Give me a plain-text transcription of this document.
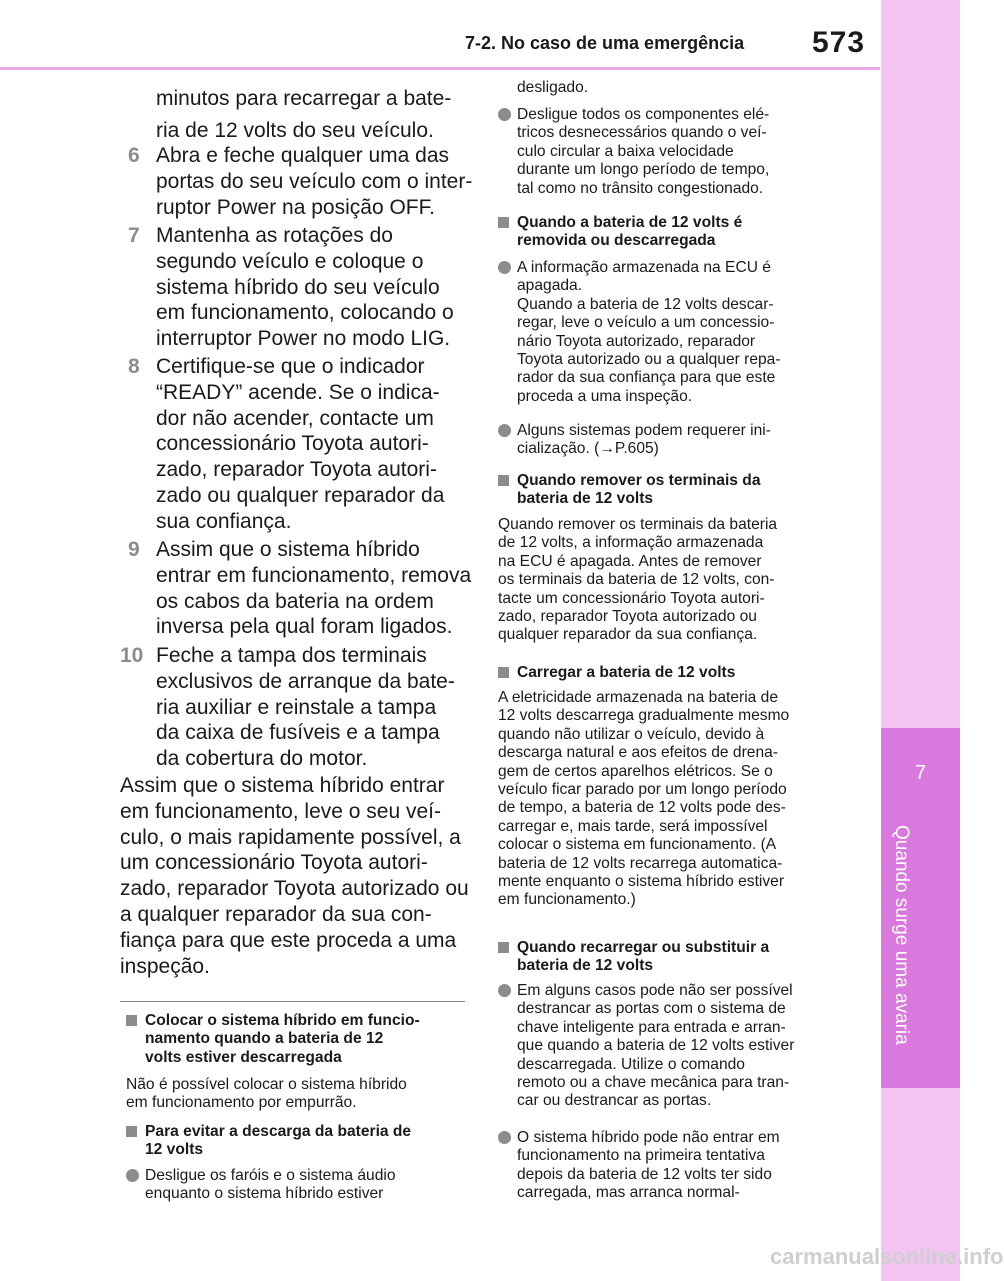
7-2. No caso de uma emergência 573
7
Quando surge uma avaria
minutos para recarregar a bate-
ria de 12 volts do seu veículo.
6 Abra e feche qualquer uma das
portas do seu veículo com o inter-
ruptor Power na posição OFF.
7 Mantenha as rotações do
segundo veículo e coloque o
sistema híbrido do seu veículo
em funcionamento, colocando o
interruptor Power no modo LIG.
8 Certifique-se que o indicador
“READY” acende. Se o indica-
dor não acender, contacte um
concessionário Toyota autori-
zado, reparador Toyota autori-
zado ou qualquer reparador da
sua confiança.
9 Assim que o sistema híbrido
entrar em funcionamento, remova
os cabos da bateria na ordem
inversa pela qual foram ligados.
10 Feche a tampa dos terminais
exclusivos de arranque da bate-
ria auxiliar e reinstale a tampa
da caixa de fusíveis e a tampa
da cobertura do motor.
Assim que o sistema híbrido entrar
em funcionamento, leve o seu veí-
culo, o mais rapidamente possível, a
um concessionário Toyota autori-
zado, reparador Toyota autorizado ou
a qualquer reparador da sua con-
fiança para que este proceda a uma
inspeção.
Colocar o sistema híbrido em funcio-
namento quando a bateria de 12
volts estiver descarregada
Não é possível colocar o sistema híbrido
em funcionamento por empurrão.
Para evitar a descarga da bateria de
12 volts
Desligue os faróis e o sistema áudio
enquanto o sistema híbrido estiver
desligado.
Desligue todos os componentes elé-
tricos desnecessários quando o veí-
culo circular a baixa velocidade
durante um longo período de tempo,
tal como no trânsito congestionado.
Quando a bateria de 12 volts é
removida ou descarregada
A informação armazenada na ECU é
apagada.
Quando a bateria de 12 volts descar-
regar, leve o veículo a um concessio-
nário Toyota autorizado, reparador
Toyota autorizado ou a qualquer repa-
rador da sua confiança para que este
proceda a uma inspeção.
Alguns sistemas podem requerer ini-
cialização. (→P.605)
Quando remover os terminais da
bateria de 12 volts
Quando remover os terminais da bateria
de 12 volts, a informação armazenada
na ECU é apagada. Antes de remover
os terminais da bateria de 12 volts, con-
tacte um concessionário Toyota autori-
zado, reparador Toyota autorizado ou
qualquer reparador da sua confiança.
Carregar a bateria de 12 volts
A eletricidade armazenada na bateria de
12 volts descarrega gradualmente mesmo
quando não utilizar o veículo, devido à
descarga natural e aos efeitos de drena-
gem de certos aparelhos elétricos. Se o
veículo ficar parado por um longo período
de tempo, a bateria de 12 volts pode des-
carregar e, mais tarde, será impossível
colocar o sistema em funcionamento. (A
bateria de 12 volts recarrega automatica-
mente enquanto o sistema híbrido estiver
em funcionamento.)
Quando recarregar ou substituir a
bateria de 12 volts
Em alguns casos pode não ser possível
destrancar as portas com o sistema de
chave inteligente para entrada e arran-
que quando a bateria de 12 volts estiver
descarregada. Utilize o comando
remoto ou a chave mecânica para tran-
car ou destrancar as portas.
O sistema híbrido pode não entrar em
funcionamento na primeira tentativa
depois da bateria de 12 volts ter sido
carregada, mas arranca normal-
carmanualsonline.info
